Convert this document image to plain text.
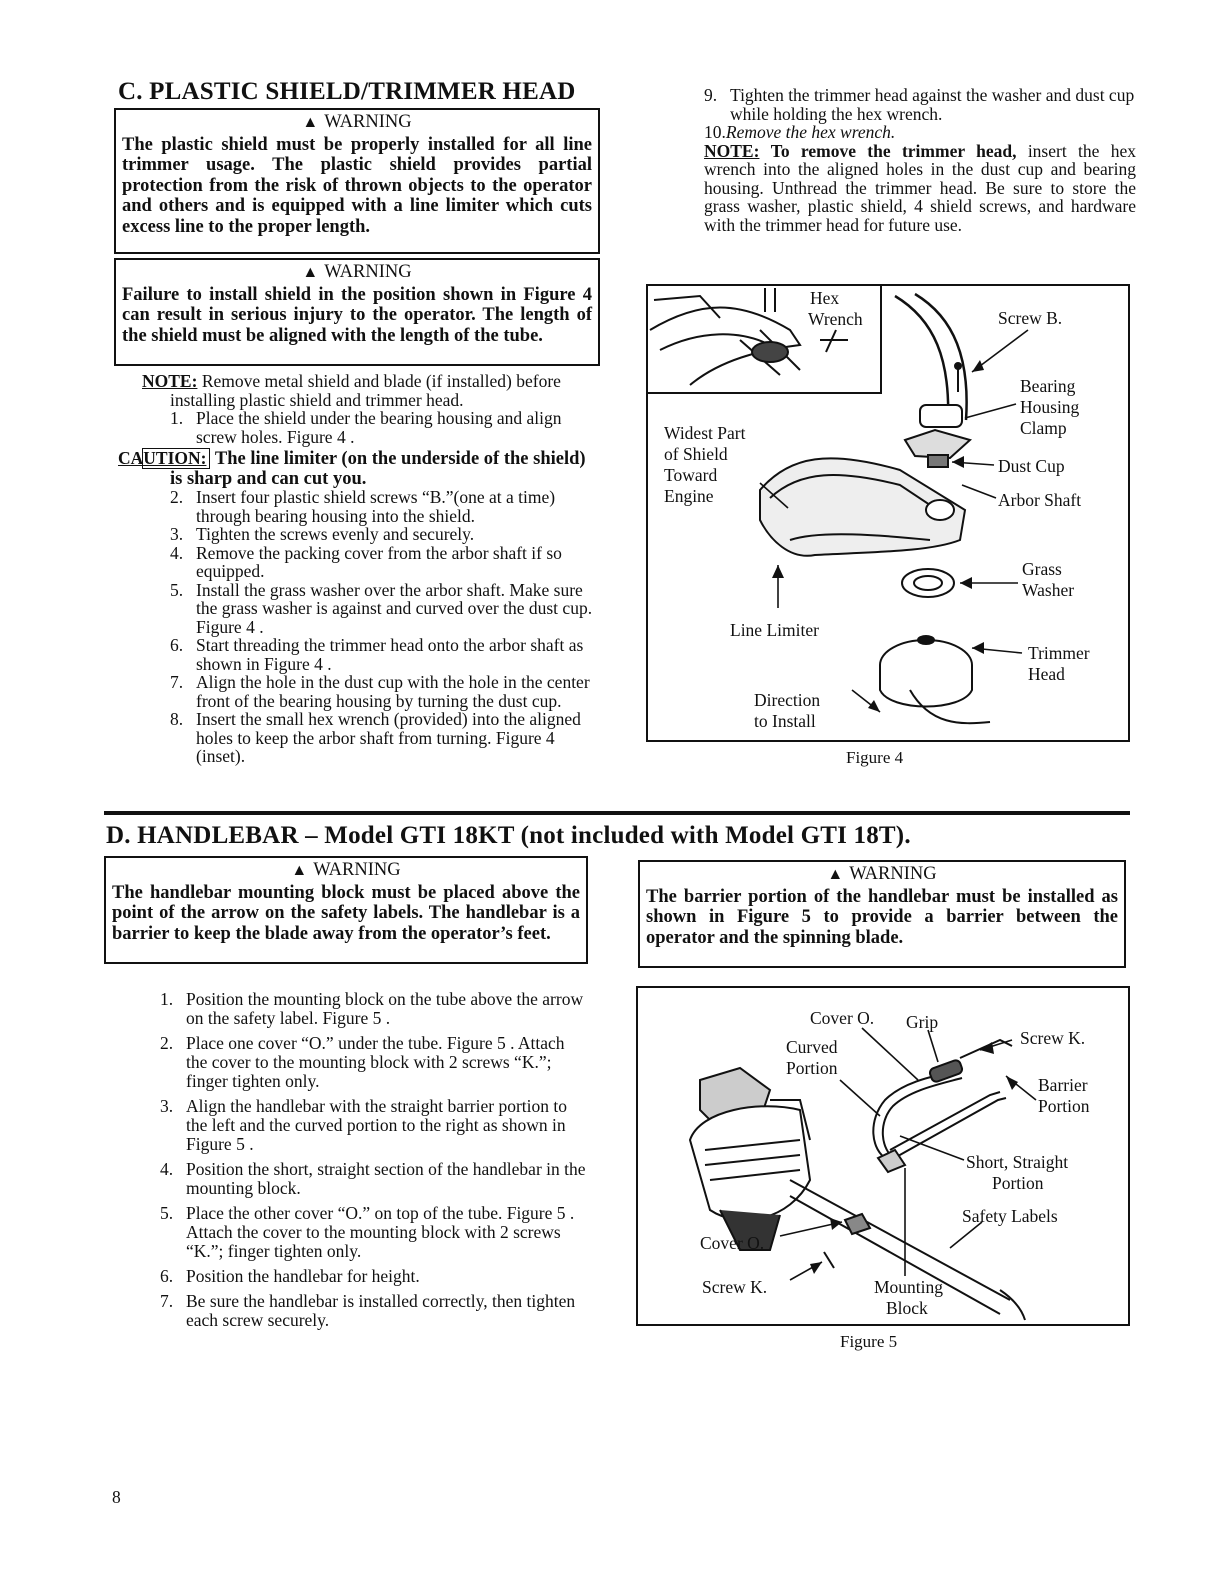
C. PLASTIC SHIELD/TRIMMER HEAD
▲ WARNING
The plastic shield must be properly installed for all line trimmer usage. The plastic shield provides partial protection from the risk of thrown objects to the operator and others and is equipped with a line limiter which cuts excess line to the proper length.
▲ WARNING
Failure to install shield in the position shown in Figure 4 can result in serious injury to the operator. The length of the shield must be aligned with the length of the tube.
NOTE: Remove metal shield and blade (if installed) before installing plastic shield and trimmer head.
1. Place the shield under the bearing housing and align screw holes. Figure 4 .
CAUTION: The line limiter (on the underside of the shield) is sharp and can cut you.
2. Insert four plastic shield screws “B.”(one at a time) through bearing housing into the shield.
3. Tighten the screws evenly and securely.
4. Remove the packing cover from the arbor shaft if so equipped.
5. Install the grass washer over the arbor shaft. Make sure the grass washer is against and curved over the dust cup. Figure 4 .
6. Start threading the trimmer head onto the arbor shaft as shown in Figure 4 .
7. Align the hole in the dust cup with the hole in the center front of the bearing housing by turning the dust cup.
8. Insert the small hex wrench (provided) into the aligned holes to keep the arbor shaft from turning. Figure 4 (inset).
9. Tighten the trimmer head against the washer and dust cup while holding the hex wrench.
10.Remove the hex wrench.
NOTE: To remove the trimmer head, insert the hex wrench into the aligned holes in the dust cup and bearing housing. Unthread the trimmer head. Be sure to store the grass washer, plastic shield, 4 shield screws, and hardware with the trimmer head for future use.
Hex
Wrench	Screw B.
Bearing
Housing
Clamp
Widest Part
of Shield
Toward
Engine
Dust Cup
Arbor Shaft
Grass
Washer
Line Limiter
Trimmer
Head
Direction
to Install
Figure 4
D. HANDLEBAR – Model GTI 18KT (not included with Model GTI 18T).
▲ WARNING
The handlebar mounting block must be placed above the point of the arrow on the safety labels. The handlebar is a barrier to keep the blade away from the operator’s feet.
▲ WARNING
The barrier portion of the handlebar must be installed as shown in Figure 5 to provide a barrier between the operator and the spinning blade.
1. Position the mounting block on the tube above the arrow on the safety label. Figure 5 .
2. Place one cover “O.” under the tube. Figure 5 . Attach the cover to the mounting block with 2 screws “K.”; finger tighten only.
3. Align the handlebar with the straight barrier portion to the left and the curved portion to the right as shown in Figure 5 .
4. Position the short, straight section of the handlebar in the mounting block.
5. Place the other cover “O.” on top of the tube. Figure 5 . Attach the cover to the mounting block with 2 screws “K.”; finger tighten only.
6. Position the handlebar for height.
7. Be sure the handlebar is installed correctly, then tighten each screw securely.
Cover O. Grip
Screw K.
Curved
Portion
Barrier
Portion
Short, Straight
Portion
Safety Labels
Cover O.
Screw K.	Mounting
Block
Figure 5
8
